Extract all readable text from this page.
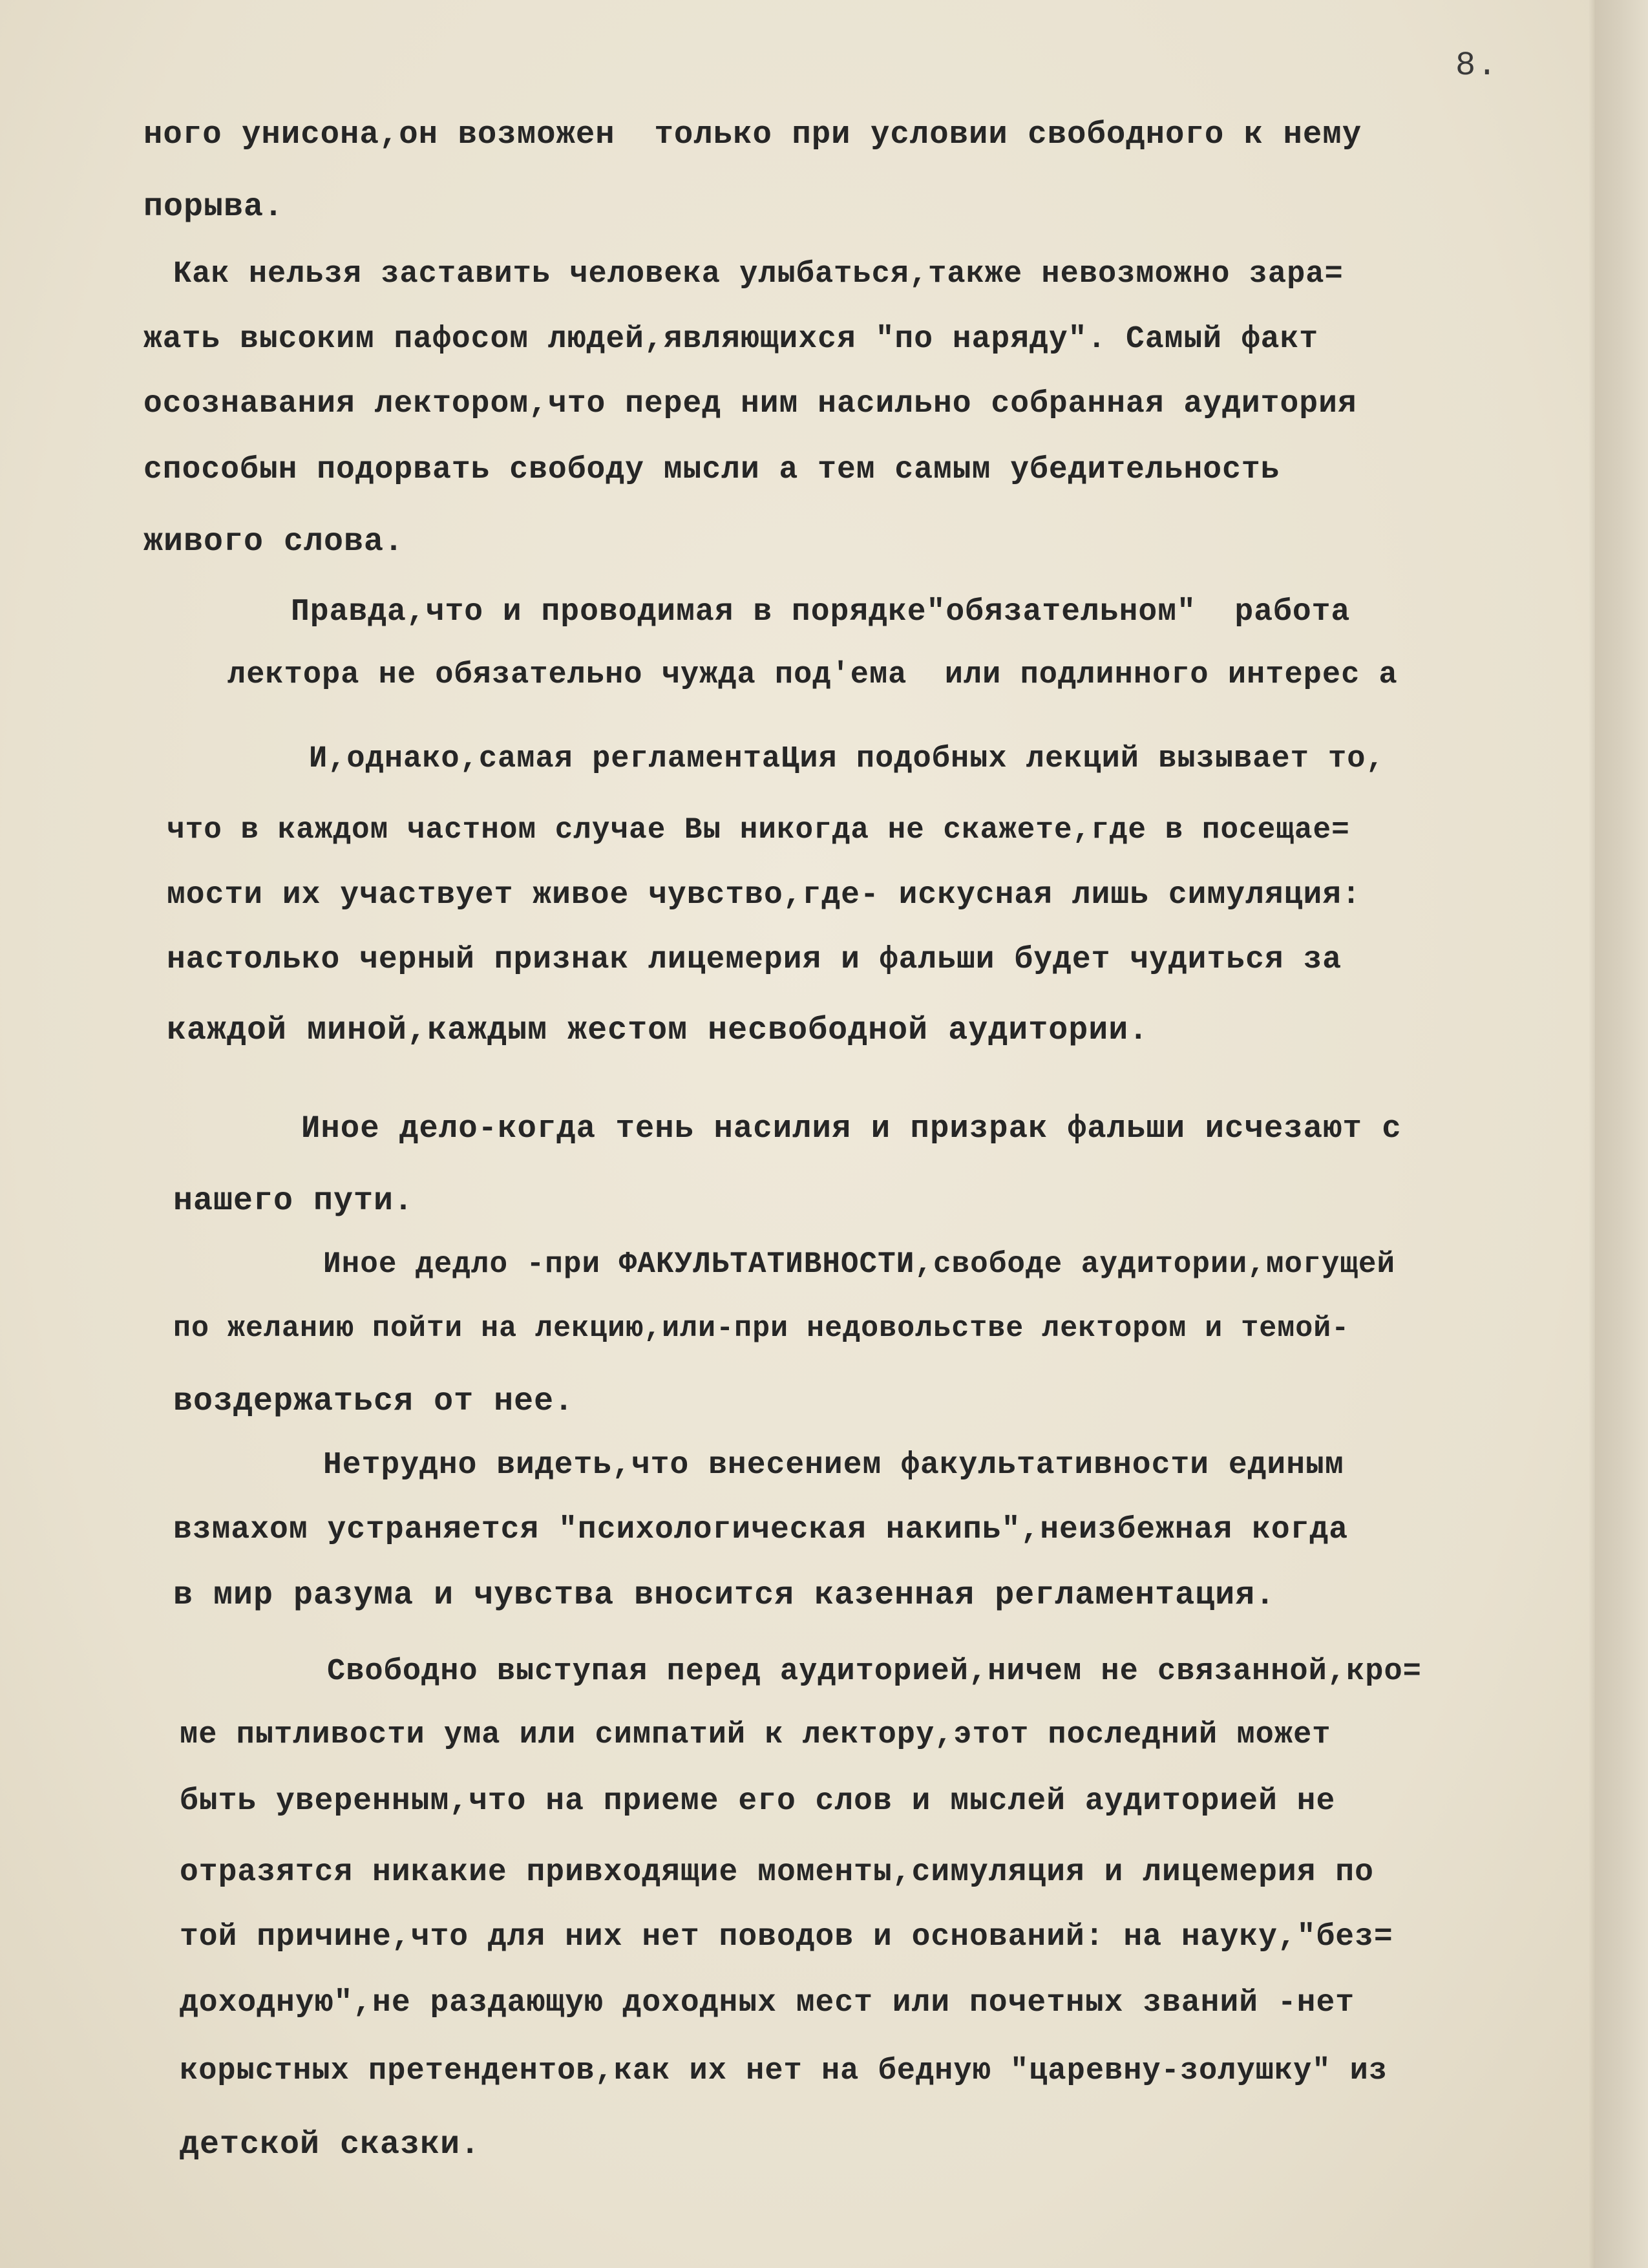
8.
ного унисона,он возможен  только при условии свободного к нему
порыва.
Как нельзя заставить человека улыбаться,также невозможно зара=
жать высоким пафосом людей,являющихся "по наряду". Самый факт
осознавания лектором,что перед ним насильно собранная аудитория
способын подорвать свободу мысли а тем самым убедительность
живого слова.
Правда,что и проводимая в порядке"обязательном"  работа
лектора не обязательно чужда под'ема  или подлинного интерес а
И,однако,самая регламентаЦия подобных лекций вызывает то,
что в каждом частном случае Вы никогда не скажете,где в посещае=
мости их участвует живое чувство,где- искусная лишь симуляция:
настолько черный признак лицемерия и фальши будет чудиться за
каждой миной,каждым жестом несвободной аудитории.
Иное дело-когда тень насилия и призрак фальши исчезают с
нашего пути.
Иное дедло -при ФАКУЛЬТАТИВНОСТИ,свободе аудитории,могущей
по желанию пойти на лекцию,или-при недовольстве лектором и темой-
воздержаться от нее.
Нетрудно видеть,что внесением факультативности единым
взмахом устраняется "психологическая накипь",неизбежная когда
в мир разума и чувства вносится казенная регламентация.
Свободно выступая перед аудиторией,ничем не связанной,кро=
ме пытливости ума или симпатий к лектору,этот последний может
быть уверенным,что на приеме его слов и мыслей аудиторией не
отразятся никакие привходящие моменты,симуляция и лицемерия по
той причине,что для них нет поводов и оснований: на науку,"без=
доходную",не раздающую доходных мест или почетных званий -нет
корыстных претендентов,как их нет на бедную "царевну-золушку" из
детской сказки.
